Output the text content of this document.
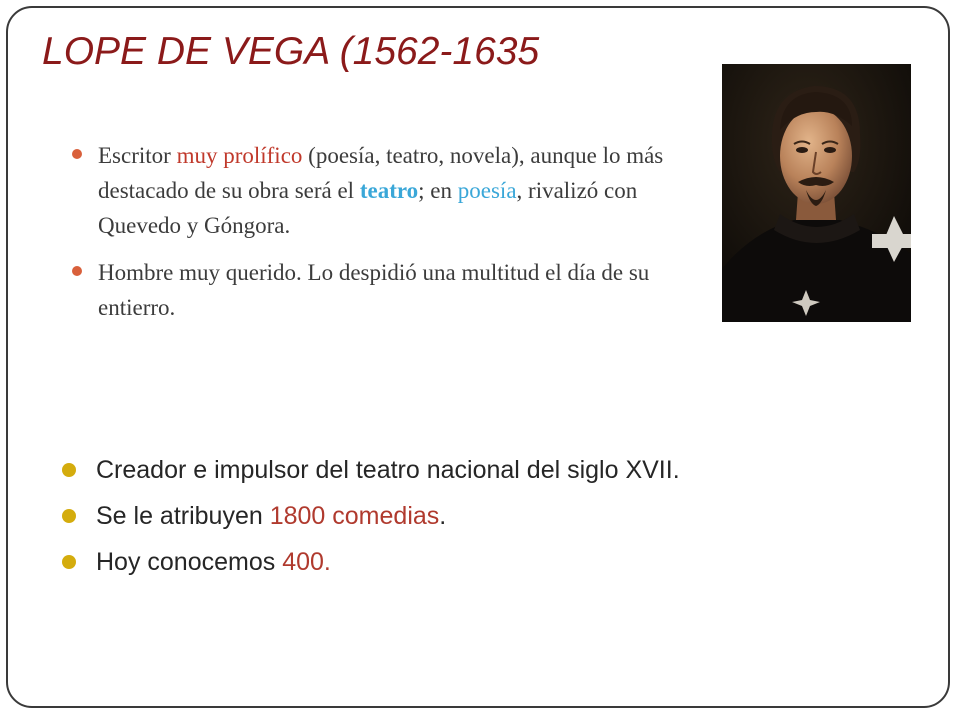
LOPE DE VEGA (1562-1635
Escritor muy prolífico (poesía, teatro, novela), aunque lo más destacado de su obra será el teatro; en poesía, rivalizó con Quevedo y Góngora.
Hombre muy querido. Lo despidió una multitud el día de su entierro.
Creador e impulsor del teatro nacional del siglo XVII.
Se le atribuyen 1800 comedias.
Hoy conocemos 400.
